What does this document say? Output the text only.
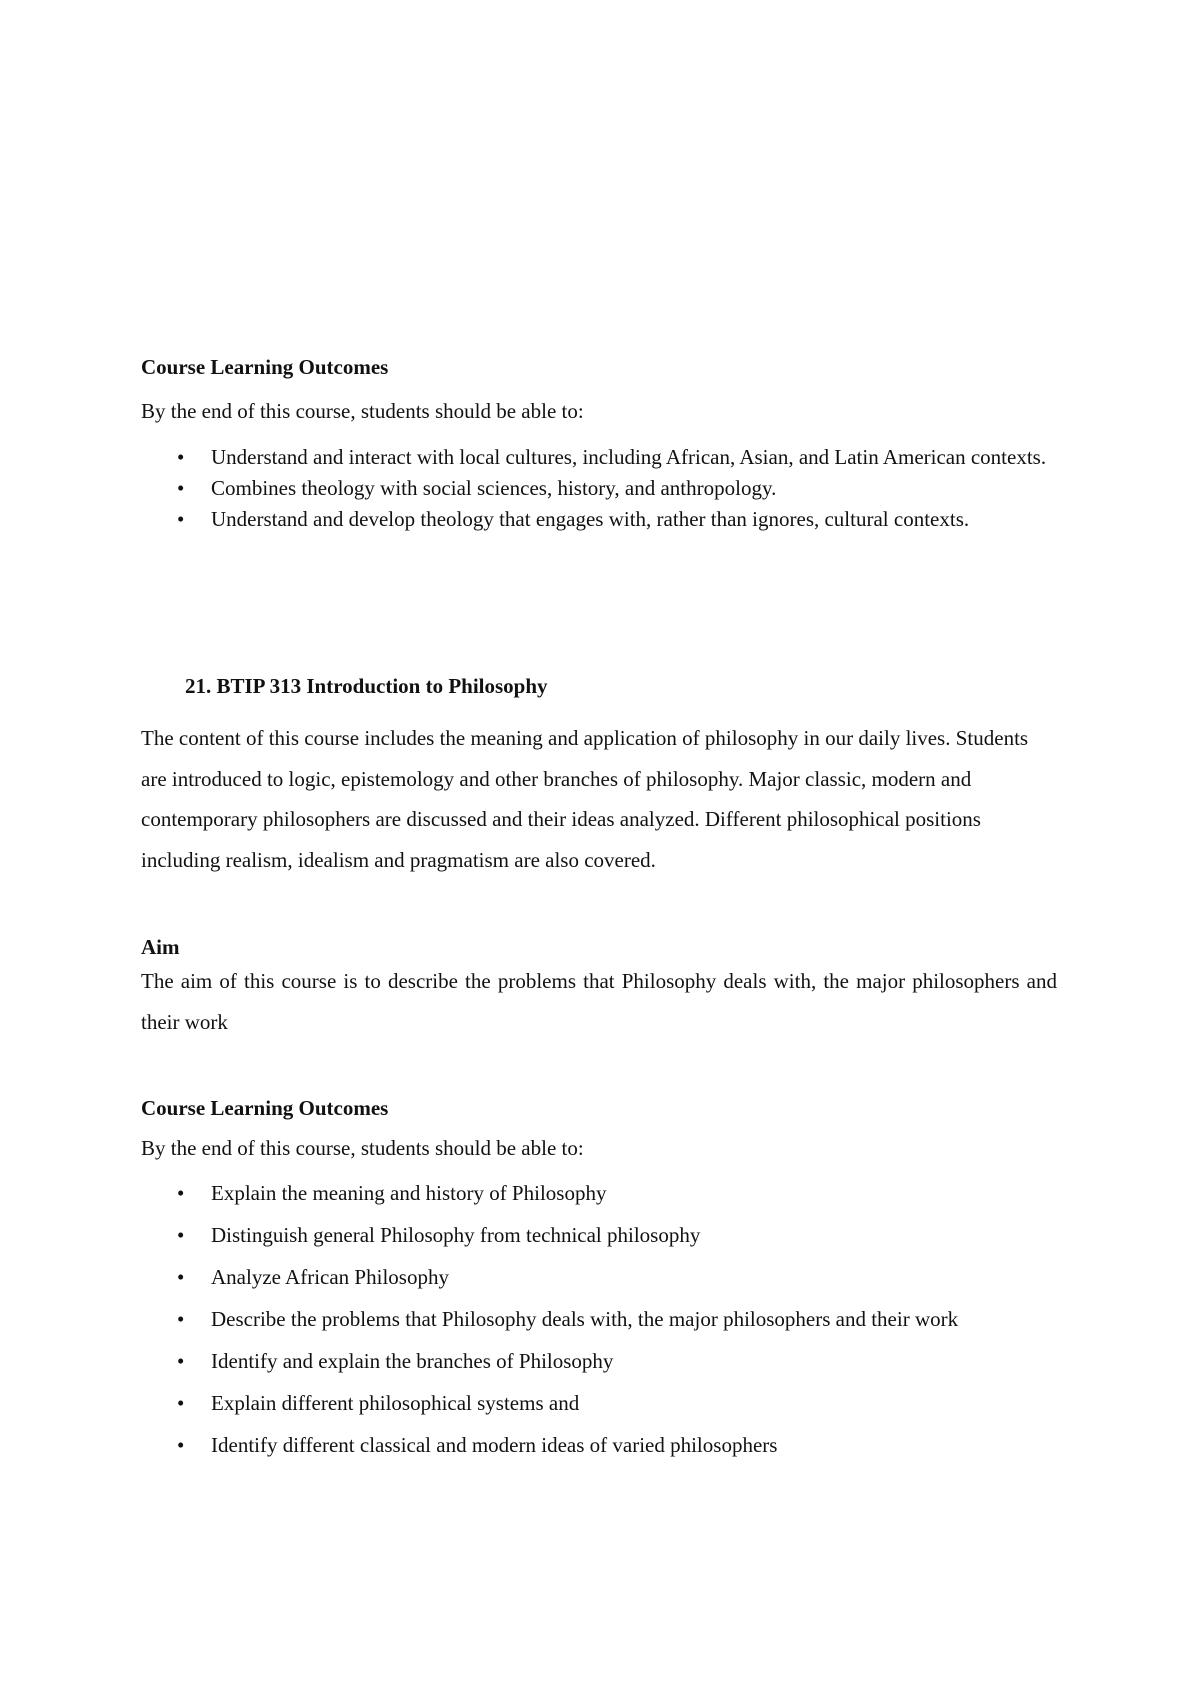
Course Learning Outcomes

By the end of this course, students should be able to:

• Understand and interact with local cultures, including African, Asian, and Latin American contexts.
• Combines theology with social sciences, history, and anthropology.
• Understand and develop theology that engages with, rather than ignores, cultural contexts.

21. BTIP 313 Introduction to Philosophy

The content of this course includes the meaning and application of philosophy in our daily lives. Students are introduced to logic, epistemology and other branches of philosophy. Major classic, modern and contemporary philosophers are discussed and their ideas analyzed. Different philosophical positions including realism, idealism and pragmatism are also covered.

Aim

The aim of this course is to describe the problems that Philosophy deals with, the major philosophers and their work

Course Learning Outcomes

By the end of this course, students should be able to:

• Explain the meaning and history of Philosophy
• Distinguish general Philosophy from technical philosophy
• Analyze African Philosophy
• Describe the problems that Philosophy deals with, the major philosophers and their work
• Identify and explain the branches of Philosophy
• Explain different philosophical systems and
• Identify different classical and modern ideas of varied philosophers
